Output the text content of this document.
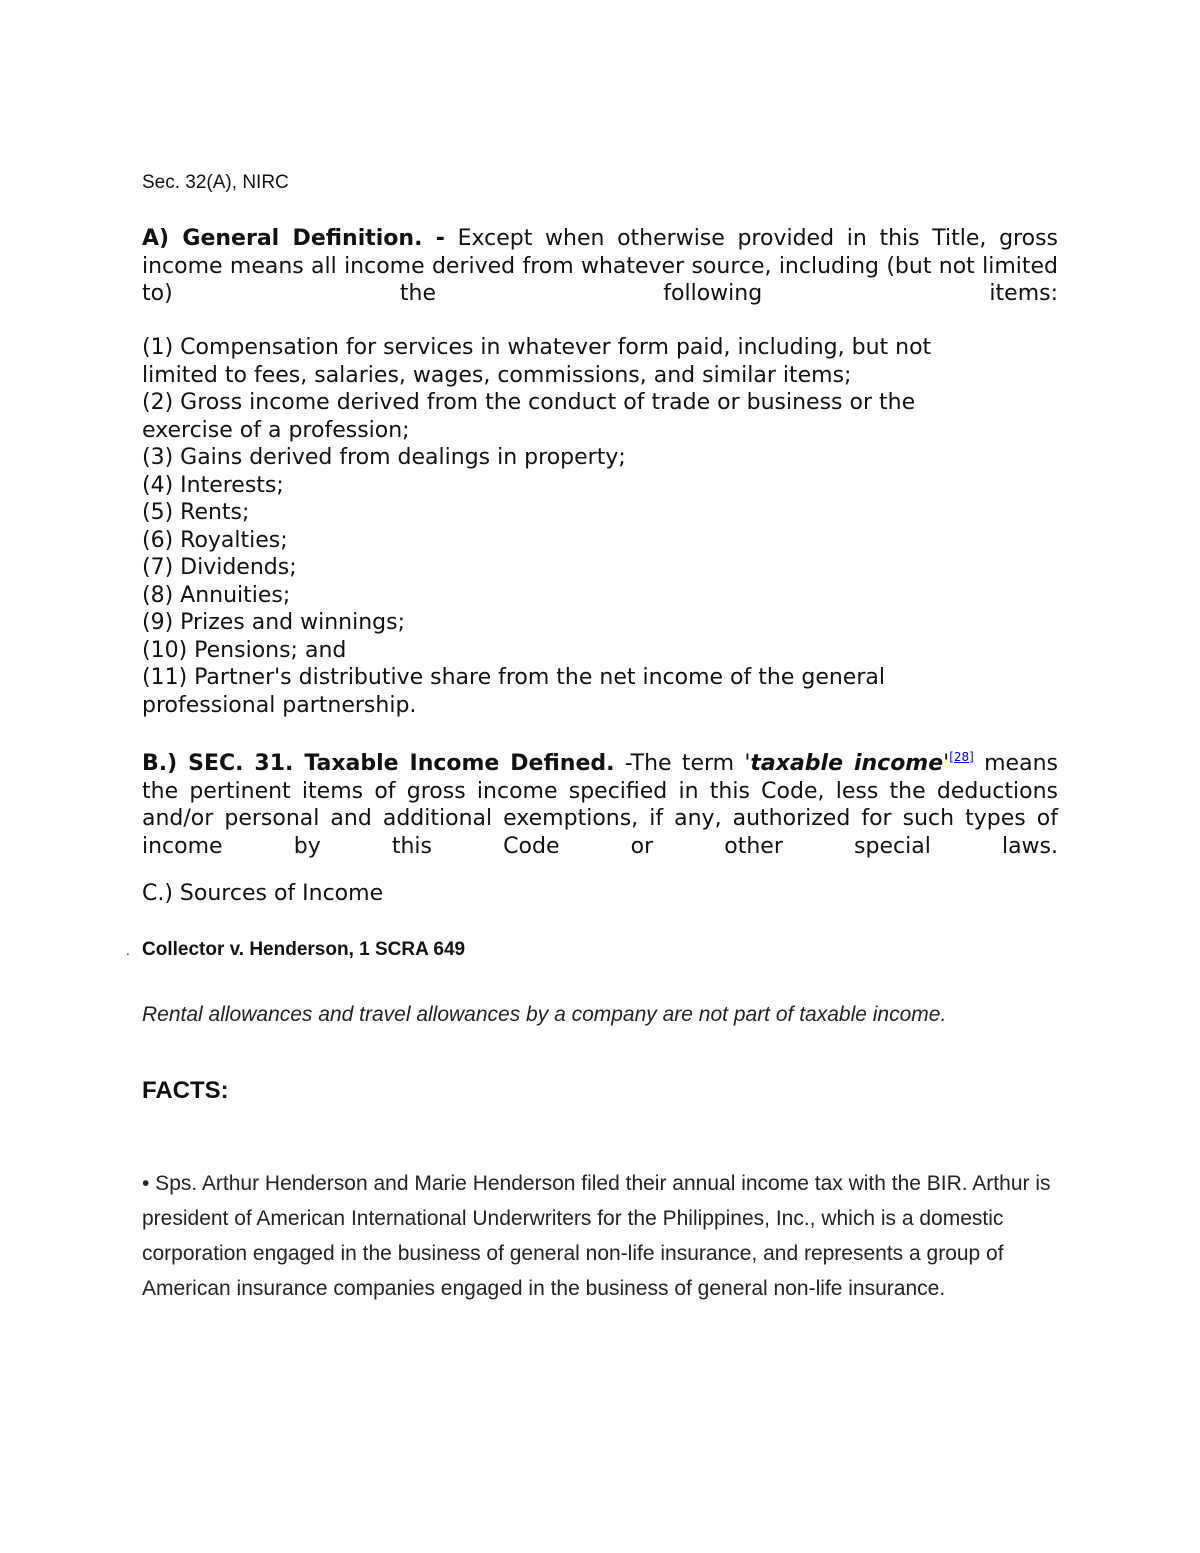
Sec. 32(A), NIRC
A) General Definition. - Except when otherwise provided in this Title, gross income means all income derived from whatever source, including (but not limited to) the following items:
(1) Compensation for services in whatever form paid, including, but not
limited to fees, salaries, wages, commissions, and similar items;
(2) Gross income derived from the conduct of trade or business or the
exercise of a profession;
(3) Gains derived from dealings in property;
(4) Interests;
(5) Rents;
(6) Royalties;
(7) Dividends;
(8) Annuities;
(9) Prizes and winnings;
(10) Pensions; and
(11) Partner's distributive share from the net income of the general
professional partnership.
B.) SEC. 31. Taxable Income Defined. -The term 'taxable income'[28] means the pertinent items of gross income specified in this Code, less the deductions and/or personal and additional exemptions, if any, authorized for such types of income by this Code or other special laws.
C.) Sources of Income
. Collector v. Henderson, 1 SCRA 649
Rental allowances and travel allowances by a company are not part of taxable income.
FACTS:
• Sps. Arthur Henderson and Marie Henderson filed their annual income tax with the BIR. Arthur is president of American International Underwriters for the Philippines, Inc., which is a domestic corporation engaged in the business of general non-life insurance, and represents a group of American insurance companies engaged in the business of general non-life insurance.
